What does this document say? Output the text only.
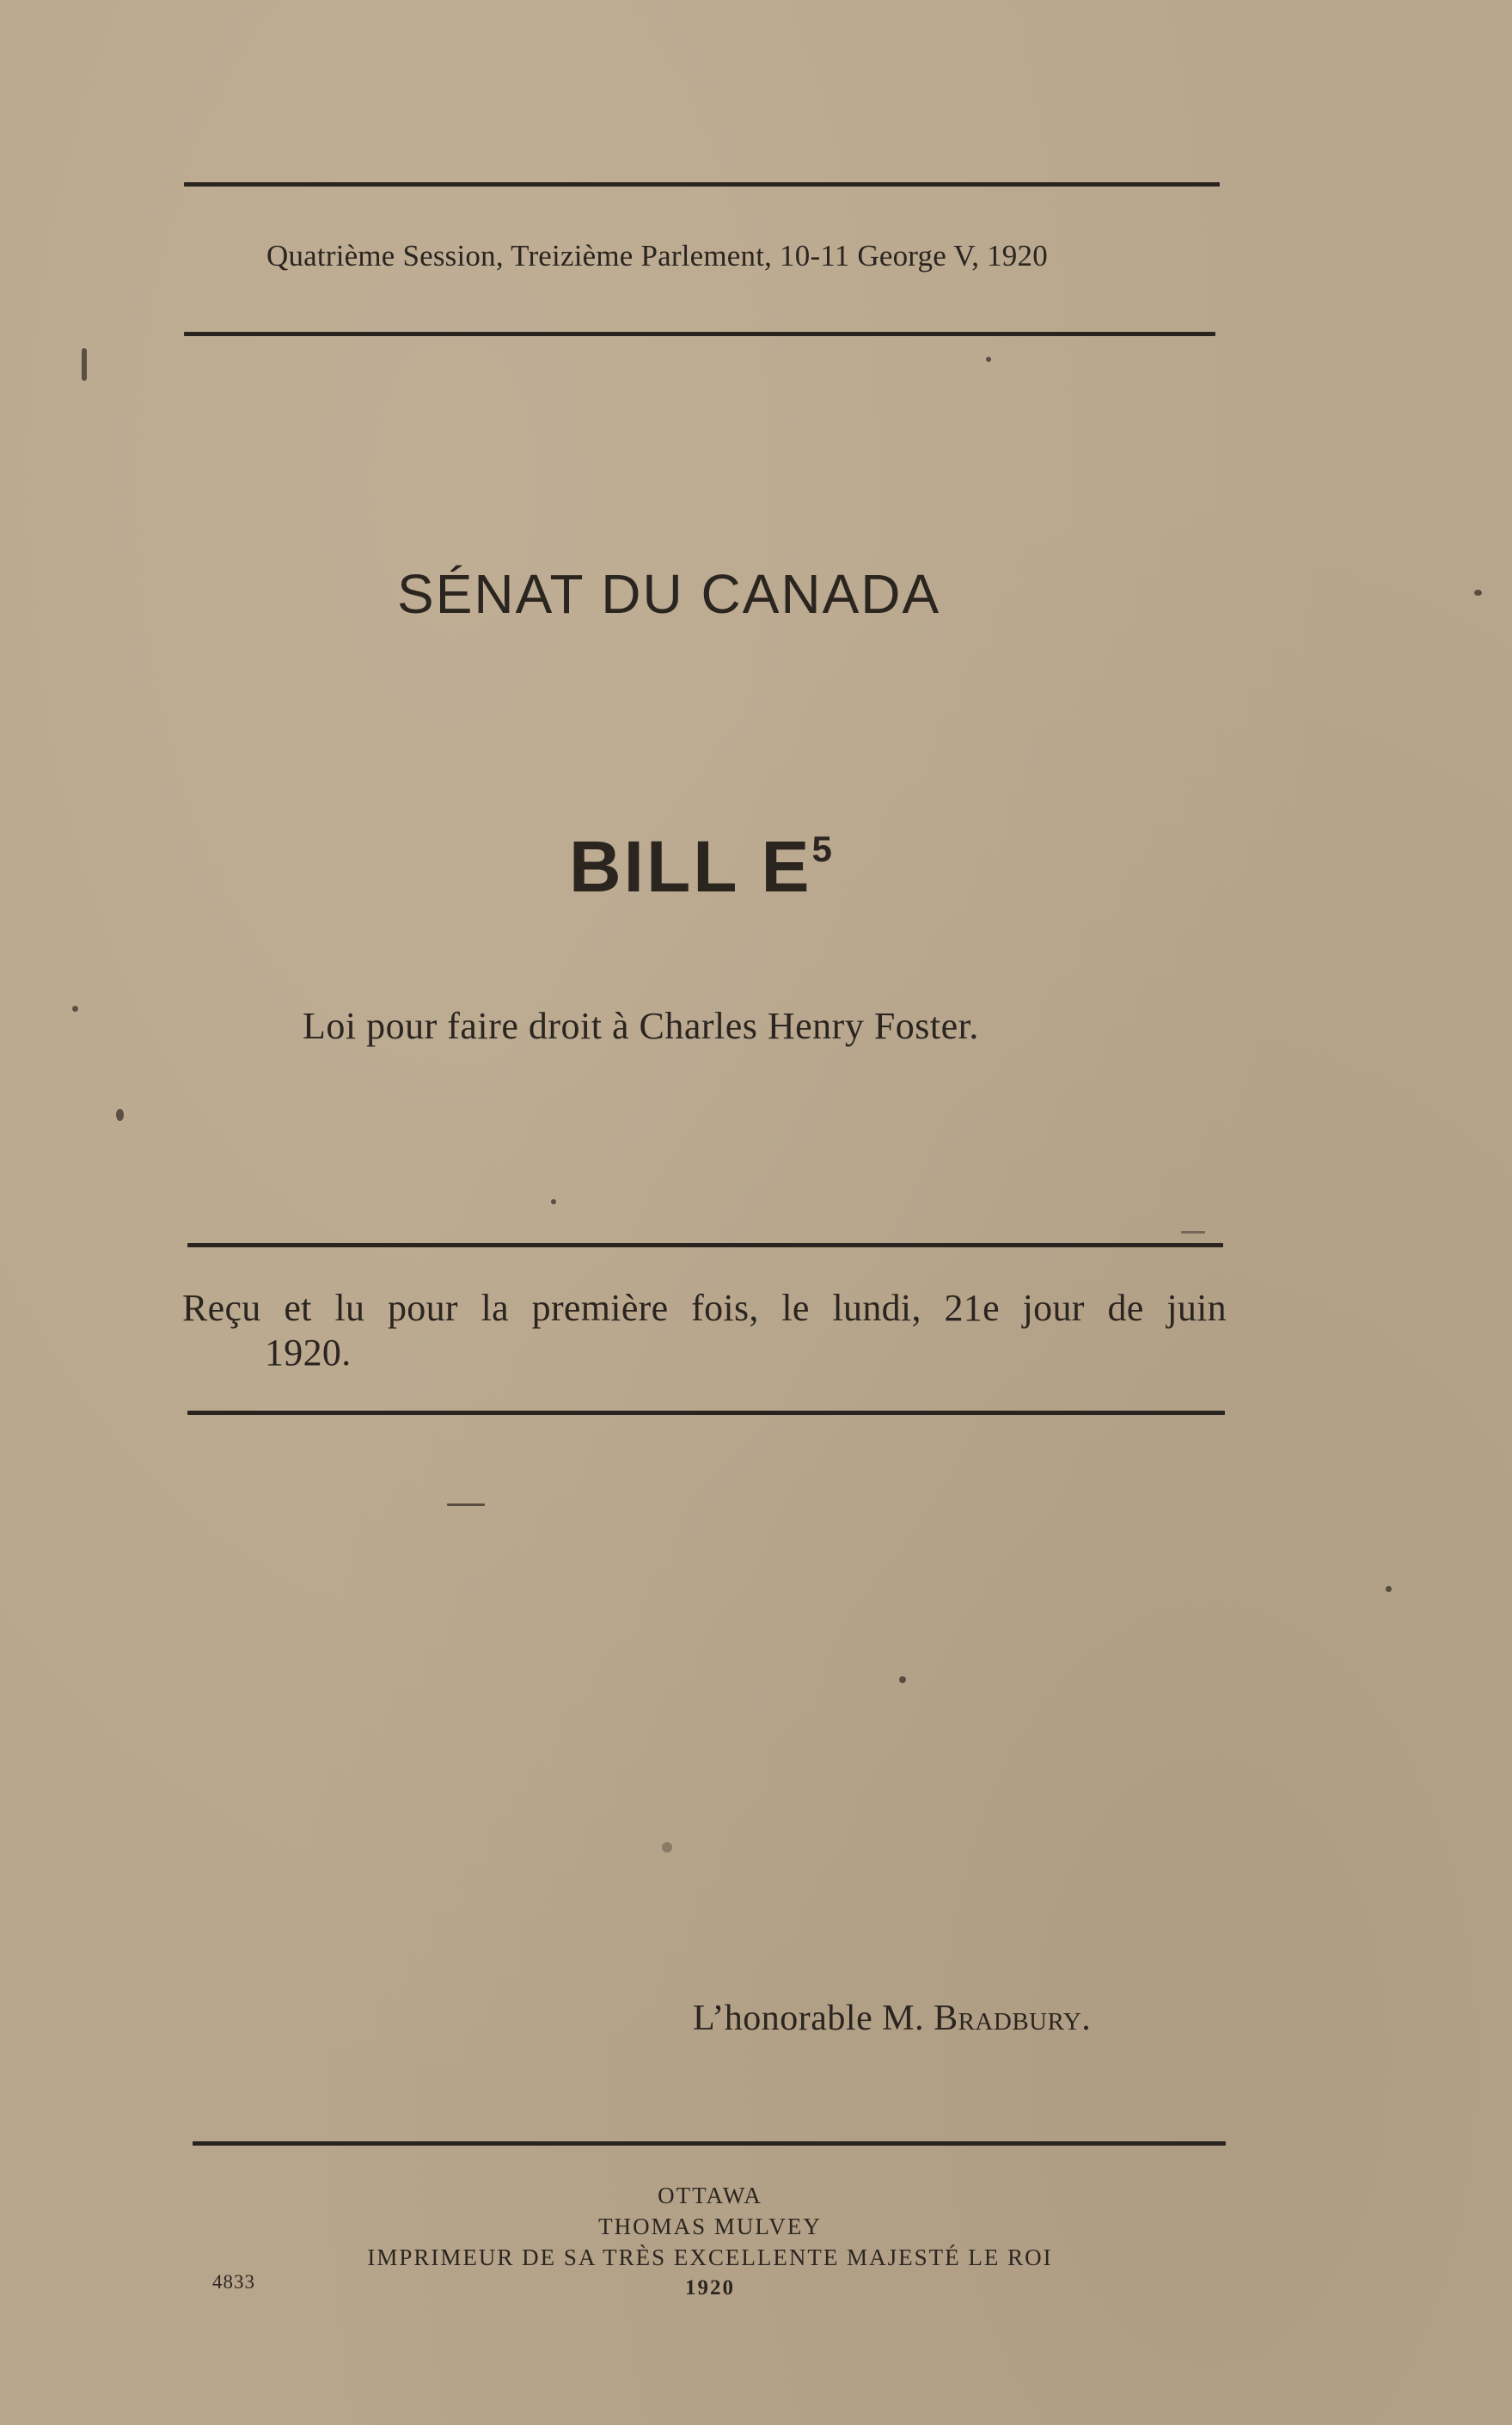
Quatrième Session, Treizième Parlement, 10-11 George V, 1920
SÉNAT DU CANADA
BILL $E^5$
Loi pour faire droit à Charles Henry Foster.
Reçu et lu pour la première fois, le lundi, 21e jour de juin
1920.
L’honorable M. Bradbury.
OTTAWA
THOMAS MULVEY
IMPRIMEUR DE SA TRÈS EXCELLENTE MAJESTÉ LE ROI
1920
4833
